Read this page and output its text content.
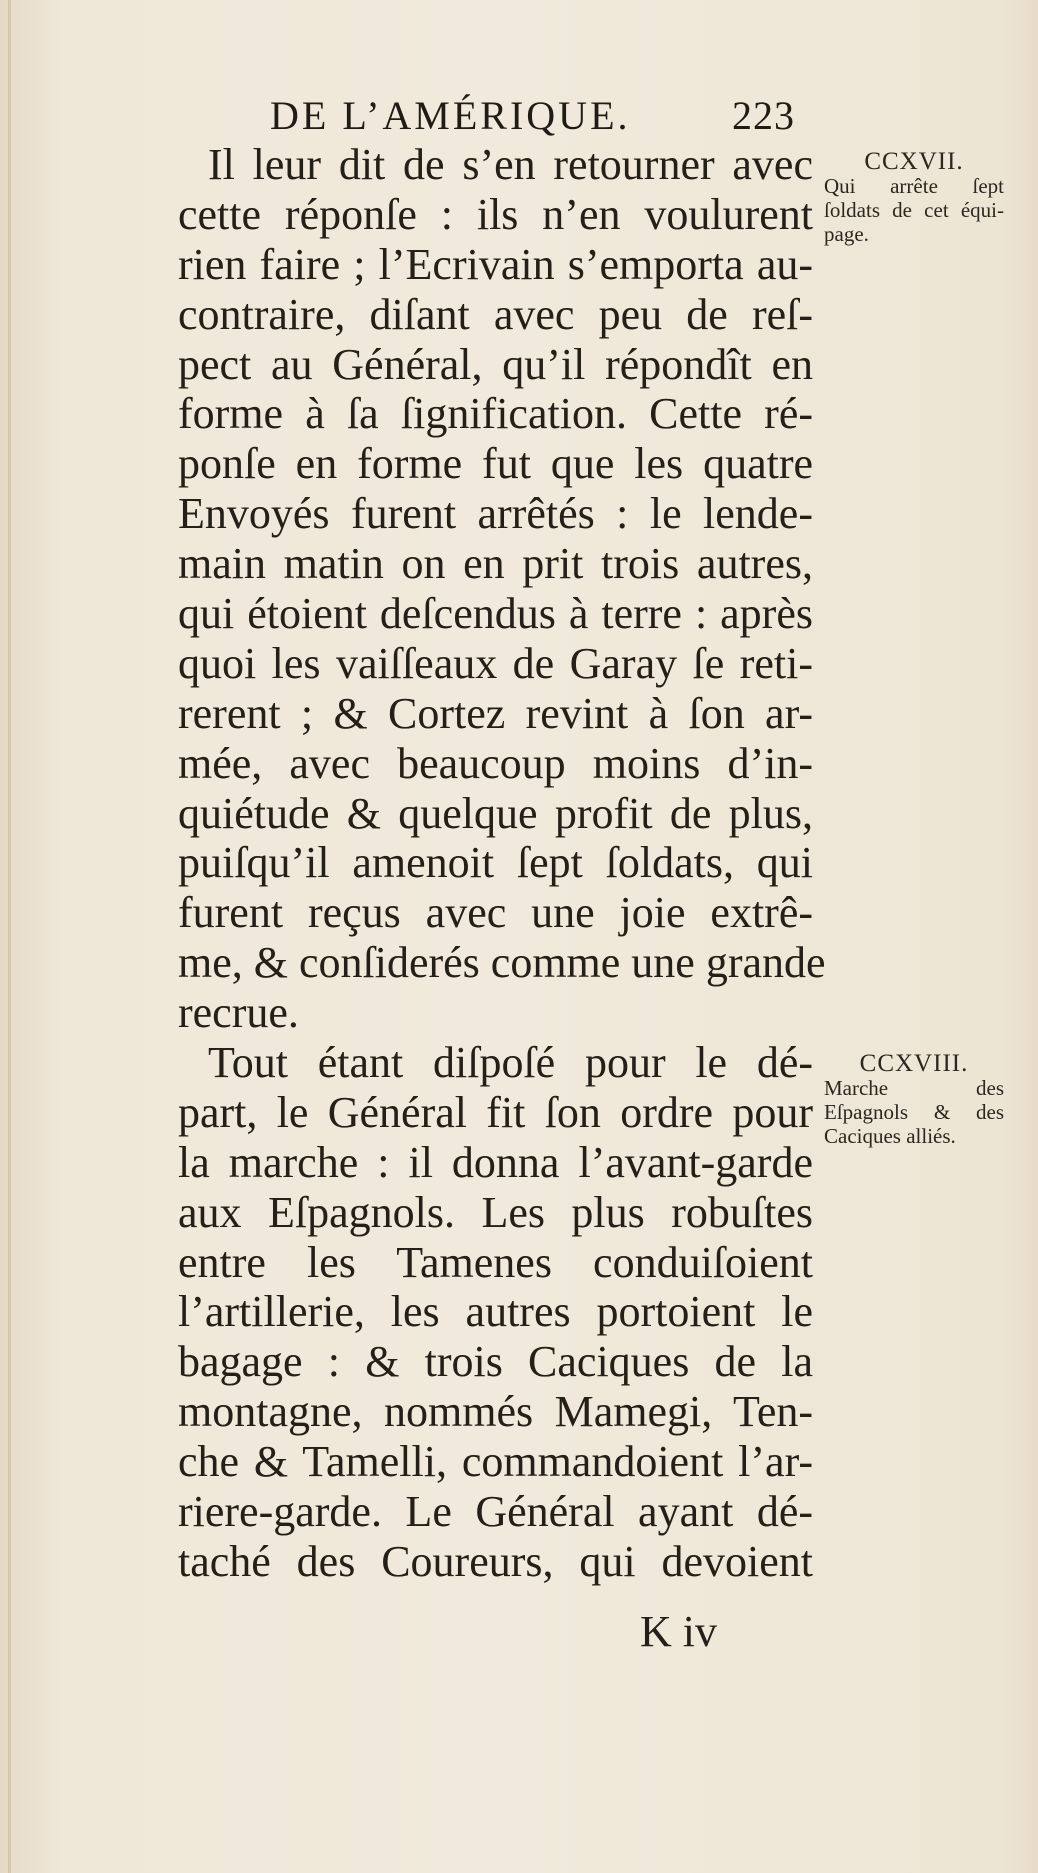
DE L’AMÉRIQUE.	223
Il leur dit de s’en retourner avec
cette réponſe : ils n’en voulurent
rien faire ; l’Ecrivain s’emporta au-
contraire, diſant avec peu de reſ-
pect au Général, qu’il répondît en
forme à ſa ſignification. Cette ré-
ponſe en forme fut que les quatre
Envoyés furent arrêtés : le lende-
main matin on en prit trois autres,
qui étoient deſcendus à terre : après
quoi les vaiſſeaux de Garay ſe reti-
rerent ; & Cortez revint à ſon ar-
mée, avec beaucoup moins d’in-
quiétude & quelque profit de plus,
puiſqu’il amenoit ſept ſoldats, qui
furent reçus avec une joie extrê-
me, & conſiderés comme une grande
recrue.
Tout étant diſpoſé pour le dé-
part, le Général fit ſon ordre pour
la marche : il donna l’avant-garde
aux Eſpagnols. Les plus robuſtes
entre les Tamenes conduiſoient
l’artillerie, les autres portoient le
bagage : & trois Caciques de la
montagne, nommés Mamegi, Ten-
che & Tamelli, commandoient l’ar-
riere-garde. Le Général ayant dé-
taché des Coureurs, qui devoient
CCXVII.
Qui arrête ſept ſoldats de cet équi-page.
CCXVIII.
Marche des Eſpagnols & des Caciques alliés.
K iv
